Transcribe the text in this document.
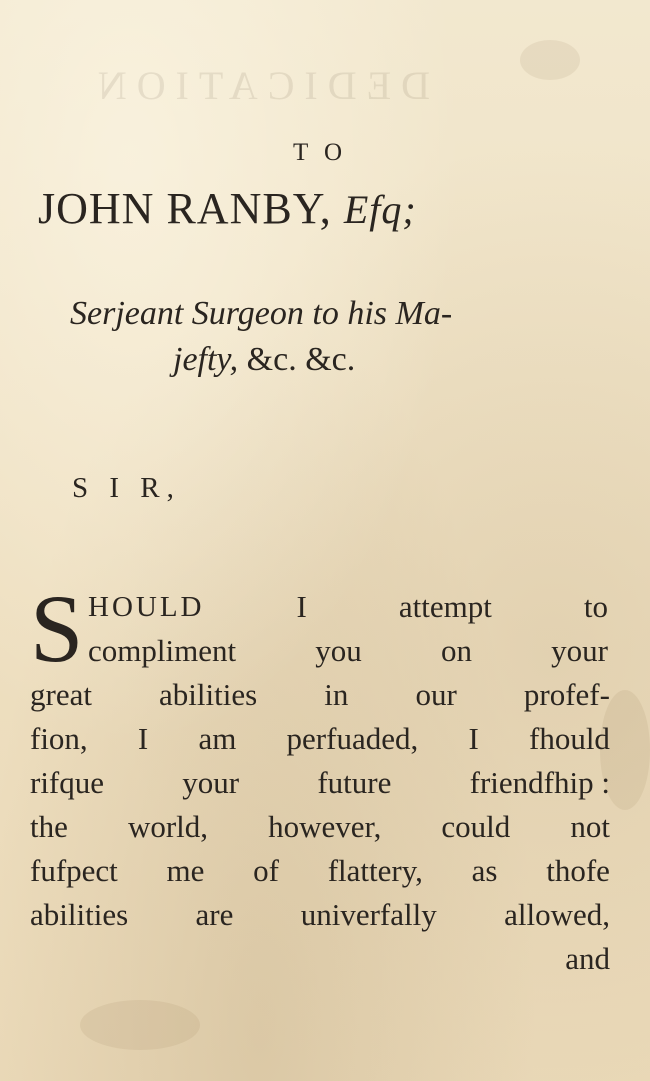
DEDICATION
T O
JOHN RANBY, Efq;
Serjeant Surgeon to his Ma-
jefty, &c. &c.
S I R,
S HOULD	I	attempt	to
compliment	you	on	your
great abilities in our profef-
fion, I am perfuaded, I fhould
rifque	your	future	friendfhip :
the world, however, could not
fufpect me of flattery, as thofe
abilities are univerfally allowed,
and
